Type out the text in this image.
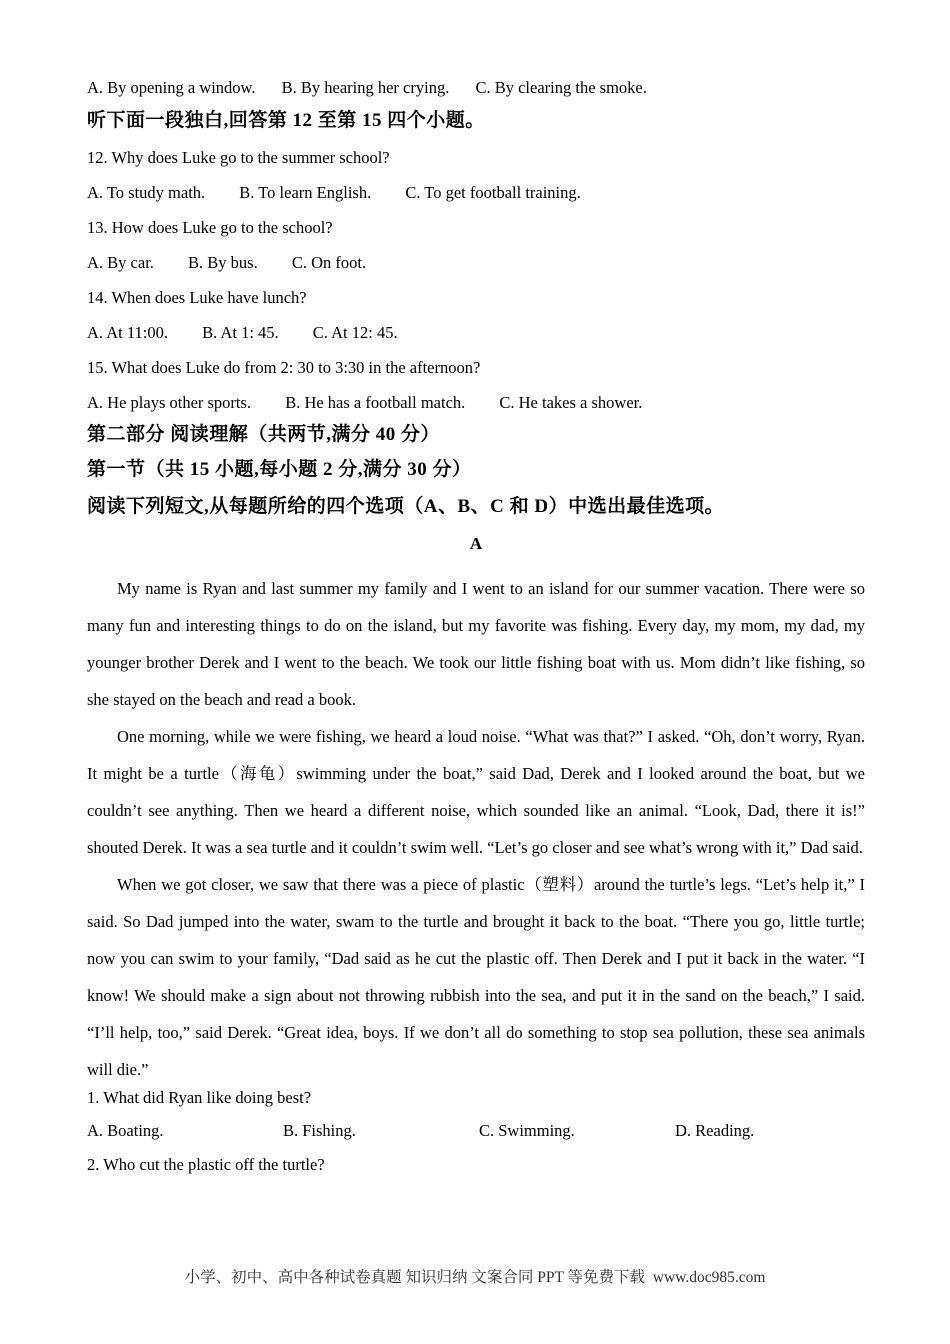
A. By opening a window. B. By hearing her crying. C. By clearing the smoke.
听下面一段独白,回答第 12 至第 15 四个小题。
12. Why does Luke go to the summer school?
A. To study math. B. To learn English. C. To get football training.
13. How does Luke go to the school?
A. By car. B. By bus. C. On foot.
14. When does Luke have lunch?
A. At 11:00. B. At 1: 45. C. At 12: 45.
15. What does Luke do from 2: 30 to 3:30 in the afternoon?
A. He plays other sports. B. He has a football match. C. He takes a shower.
第二部分 阅读理解（共两节,满分 40 分）
第一节（共 15 小题,每小题 2 分,满分 30 分）
阅读下列短文,从每题所给的四个选项（A、B、C 和 D）中选出最佳选项。
A

My name is Ryan and last summer my family and I went to an island for our summer vacation. There were so many fun and interesting things to do on the island, but my favorite was fishing. Every day, my mom, my dad, my younger brother Derek and I went to the beach. We took our little fishing boat with us. Mom didn’t like fishing, so she stayed on the beach and read a book.

One morning, while we were fishing, we heard a loud noise. “What was that?” I asked. “Oh, don’t worry, Ryan. It might be a turtle（海龟）swimming under the boat,” said Dad, Derek and I looked around the boat, but we couldn’t see anything. Then we heard a different noise, which sounded like an animal. “Look, Dad, there it is!” shouted Derek. It was a sea turtle and it couldn’t swim well. “Let’s go closer and see what’s wrong with it,” Dad said.

When we got closer, we saw that there was a piece of plastic（塑料）around the turtle’s legs. “Let’s help it,” I said. So Dad jumped into the water, swam to the turtle and brought it back to the boat. “There you go, little turtle; now you can swim to your family, “Dad said as he cut the plastic off. Then Derek and I put it back in the water. “I know! We should make a sign about not throwing rubbish into the sea, and put it in the sand on the beach,” I said. “I’ll help, too,” said Derek. “Great idea, boys. If we don’t all do something to stop sea pollution, these sea animals will die.”

1. What did Ryan like doing best?
A. Boating.	B. Fishing.	C. Swimming.	D. Reading.
2. Who cut the plastic off the turtle?
小学、初中、高中各种试卷真题 知识归纳 文案合同 PPT 等免费下载  www.doc985.com
